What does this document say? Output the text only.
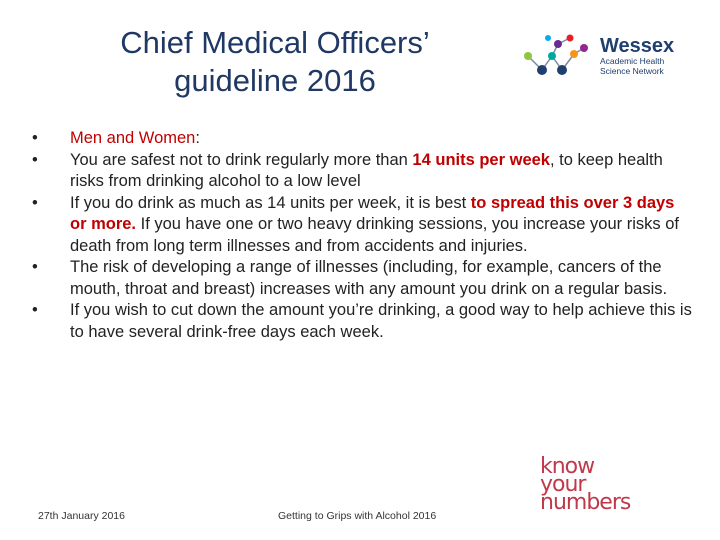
Chief Medical Officers’
guideline 2016
Wessex
Academic Health
Science Network
• Men and Women:
• You are safest not to drink regularly more than 14 units per week, to keep health risks from drinking alcohol to a low level
• If you do drink as much as 14 units per week, it is best to spread this over 3 days or more. If you have one or two heavy drinking sessions, you increase your risks of death from long term illnesses and from accidents and injuries.
• The risk of developing a range of illnesses (including, for example, cancers of the mouth, throat and breast) increases with any amount you drink on a regular basis.
• If you wish to cut down the amount you’re drinking, a good way to help achieve this is to have several drink-free days each week.
know
your
numbers
27th January 2016	Getting to Grips with Alcohol 2016
